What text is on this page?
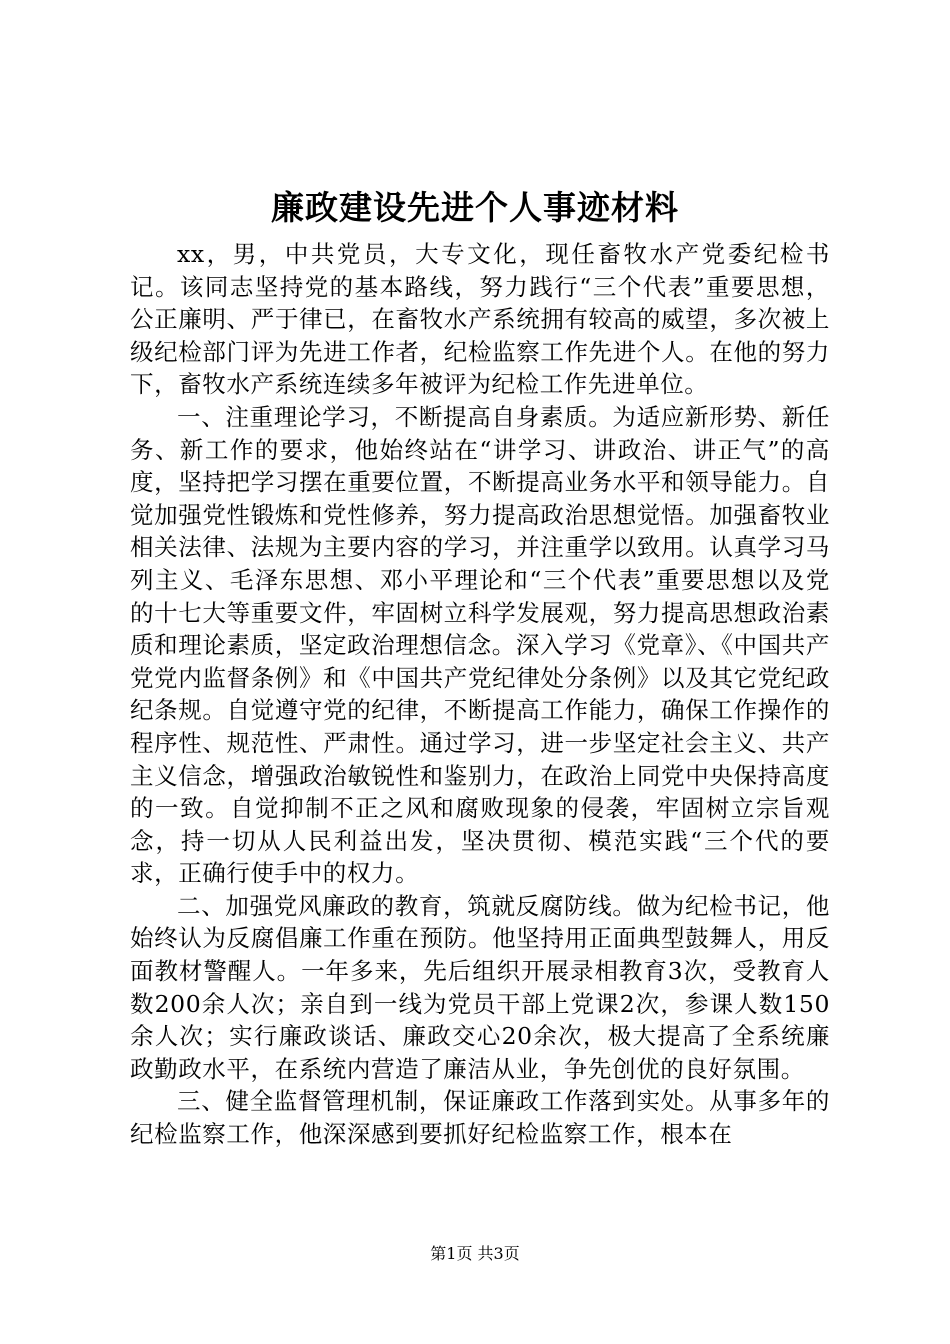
廉政建设先进个人事迹材料

xx，男，中共党员，大专文化，现任畜牧水产党委纪检书记。该同志坚持党的基本路线，努力践行“三个代表”重要思想，公正廉明、严于律已，在畜牧水产系统拥有较高的威望，多次被上级纪检部门评为先进工作者，纪检监察工作先进个人。在他的努力下，畜牧水产系统连续多年被评为纪检工作先进单位。

一、注重理论学习，不断提高自身素质。为适应新形势、新任务、新工作的要求，他始终站在“讲学习、讲政治、讲正气”的高度，坚持把学习摆在重要位置，不断提高业务水平和领导能力。自觉加强党性锻炼和党性修养，努力提高政治思想觉悟。加强畜牧业相关法律、法规为主要内容的学习，并注重学以致用。认真学习马列主义、毛泽东思想、邓小平理论和“三个代表”重要思想以及党的十七大等重要文件，牢固树立科学发展观，努力提高思想政治素质和理论素质，坚定政治理想信念。深入学习《党章》、《中国共产党党内监督条例》和《中国共产党纪律处分条例》以及其它党纪政纪条规。自觉遵守党的纪律，不断提高工作能力，确保工作操作的程序性、规范性、严肃性。通过学习，进一步坚定社会主义、共产主义信念，增强政治敏锐性和鉴别力，在政治上同党中央保持高度的一致。自觉抑制不正之风和腐败现象的侵袭，牢固树立宗旨观念，持一切从人民利益出发，坚决贯彻、模范实践“三个代的要求，正确行使手中的权力。

二、加强党风廉政的教育，筑就反腐防线。做为纪检书记，他始终认为反腐倡廉工作重在预防。他坚持用正面典型鼓舞人，用反面教材警醒人。一年多来，先后组织开展录相教育3次，受教育人数200余人次；亲自到一线为党员干部上党课2次，参课人数150余人次；实行廉政谈话、廉政交心20余次，极大提高了全系统廉政勤政水平，在系统内营造了廉洁从业，争先创优的良好氛围。

三、健全监督管理机制，保证廉政工作落到实处。从事多年的纪检监察工作，他深深感到要抓好纪检监察工作，根本在

第1页 共3页
